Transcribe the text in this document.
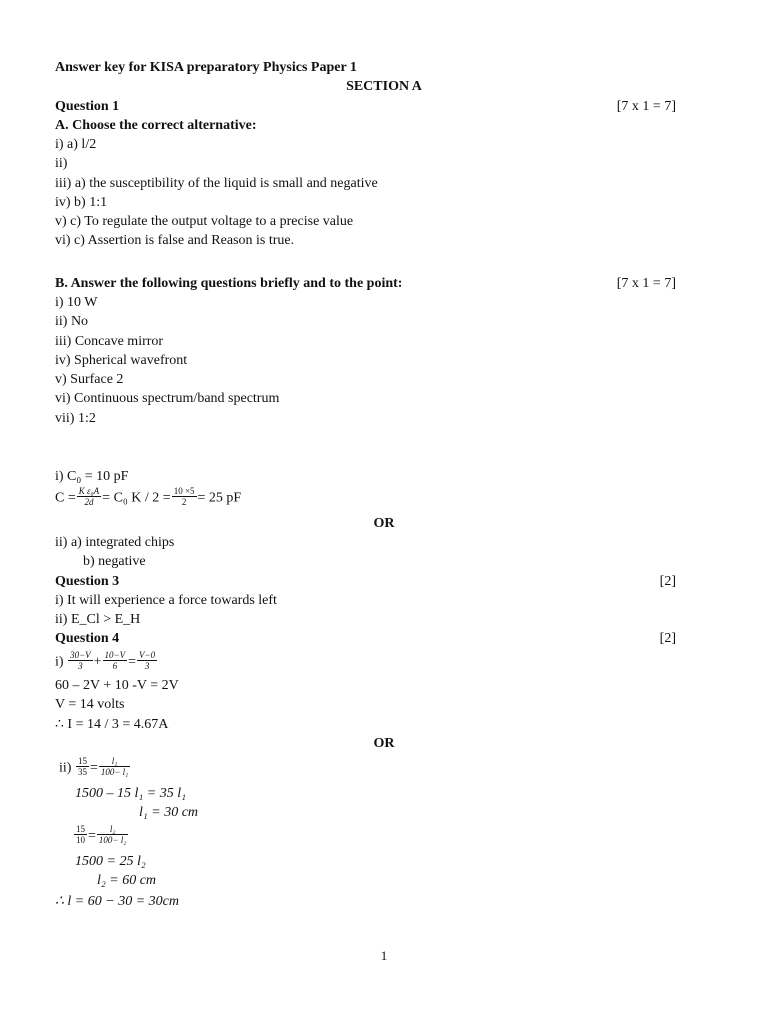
Answer key for KISA preparatory Physics Paper 1
SECTION A
Question 1	[7 x 1 = 7]
A. Choose the correct alternative:
i) a) l/2
ii)
iii) a) the susceptibility of the liquid is small and negative
iv) b) 1:1
v) c) To regulate the output voltage to a precise value
vi) c) Assertion is false and Reason is true.
B. Answer the following questions briefly and to the point:	[7 x 1 = 7]
i) 10 W
ii) No
iii) Concave mirror
iv) Spherical wavefront
v) Surface 2
vi) Continuous spectrum/band spectrum
vii) 1:2
i) C₀ = 10 pF
$C = \frac{\text{K ε₀A}}{2d} = C_0$ $K / 2 = \frac{10 \times 5}{2} = 25$ pF
OR
ii) a) integrated chips
b) negative
Question 3	[2]
i) It will experience a force towards left
ii) E_Cl > E_H
Question 4	[2]
$i) \frac{30-V}{3} + \frac{10-V}{6} = \frac{V-0}{3}$
60 – 2V + 10 -V = 2V
V = 14 volts
∴ I = 14 / 3 = 4.67A
OR
$ii) \frac{15}{35} = \frac{\text{l₁}}{\text{100− l₁}}$
1500 – 15 l₁ = 35 l₁
l₁ = 30 cm
$\frac{15}{10} = \frac{\text{l₂}}{\text{100− l₂}}$
1500 = 25 l₂
l₂ = 60 cm
∴ l = 60 − 30 = 30cm
1
